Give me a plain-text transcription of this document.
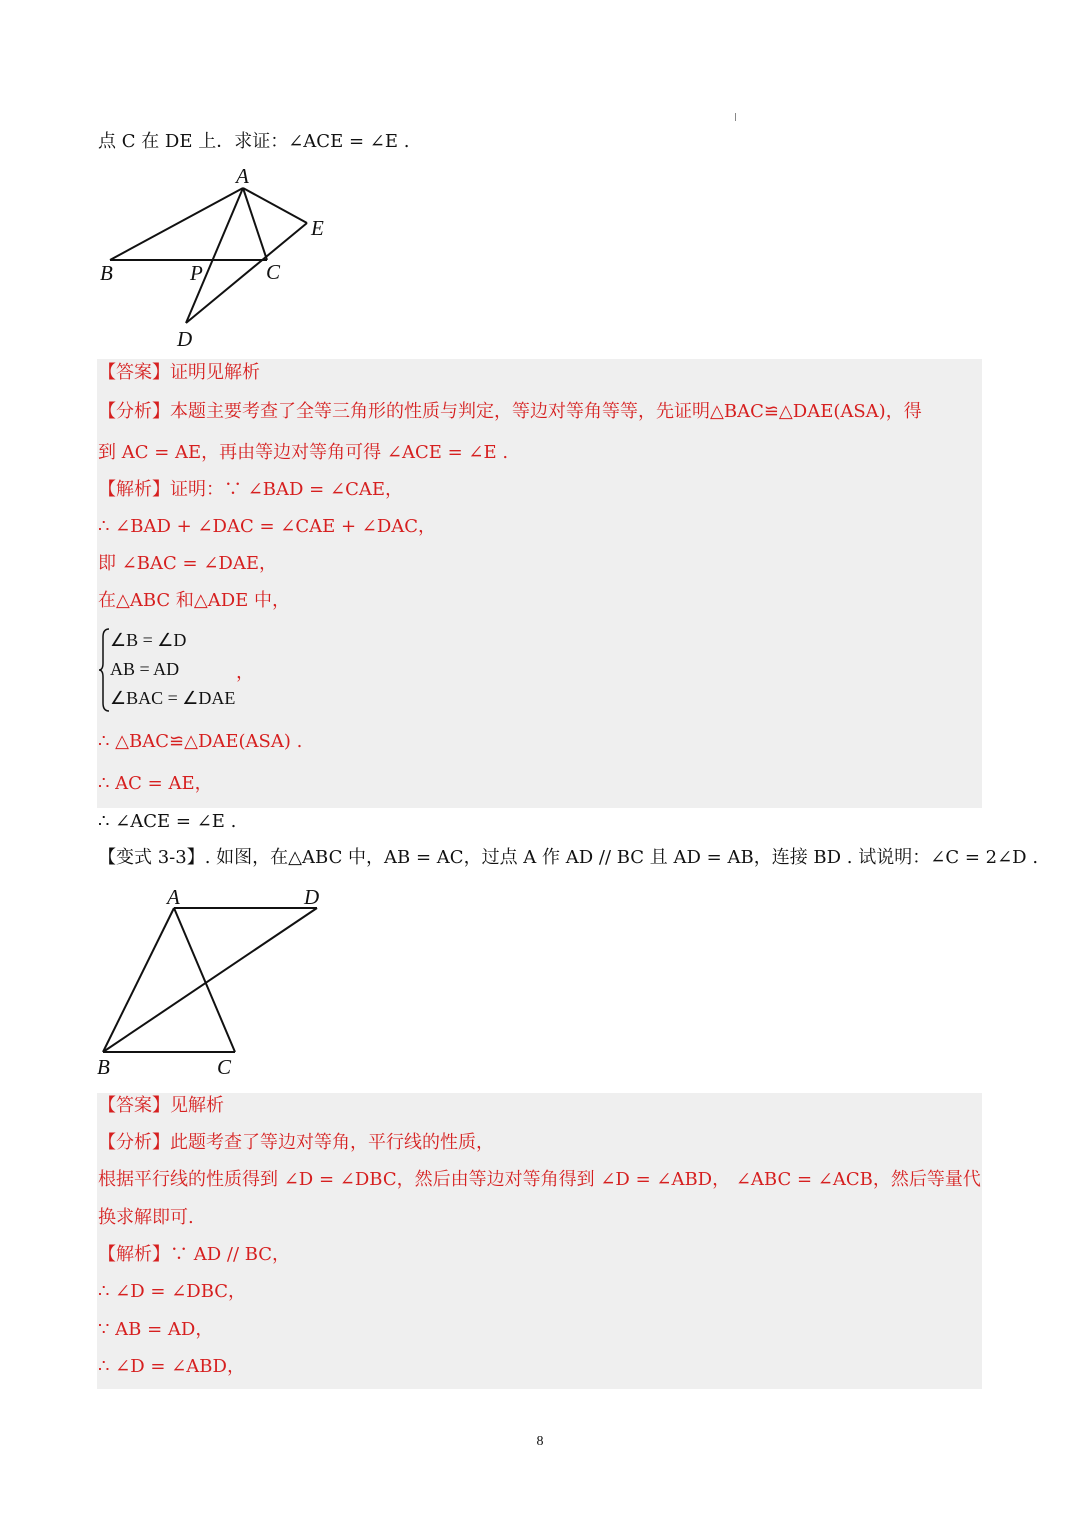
点 C 在 DE 上．求证：∠ACE = ∠E .
A
E
B	P	C
D
【答案】证明见解析
【分析】本题主要考查了全等三角形的性质与判定，等边对等角等等，先证明△BAC≌△DAE(ASA)，得
到 AC = AE，再由等边对等角可得 ∠ACE = ∠E .
【解析】证明：∵ ∠BAD = ∠CAE，
∴ ∠BAD + ∠DAC = ∠CAE + ∠DAC，
即 ∠BAC = ∠DAE，
在△ABC 和△ADE 中，
∠B = ∠D
AB = AD
∠BAC = ∠DAE
，
∴ △BAC≌△DAE(ASA) .
∴ AC = AE，
∴ ∠ACE = ∠E .
【变式 3-3】. 如图，在△ABC 中，AB = AC，过点 A 作 AD // BC 且 AD = AB，连接 BD . 试说明：∠C = 2∠D .
A	D
B	C
【答案】见解析
【分析】此题考查了等边对等角，平行线的性质，
根据平行线的性质得到 ∠D = ∠DBC，然后由等边对等角得到 ∠D = ∠ABD， ∠ABC = ∠ACB，然后等量代
换求解即可.
【解析】∵ AD // BC，
∴ ∠D = ∠DBC，
∵ AB = AD，
∴ ∠D = ∠ABD，
8
